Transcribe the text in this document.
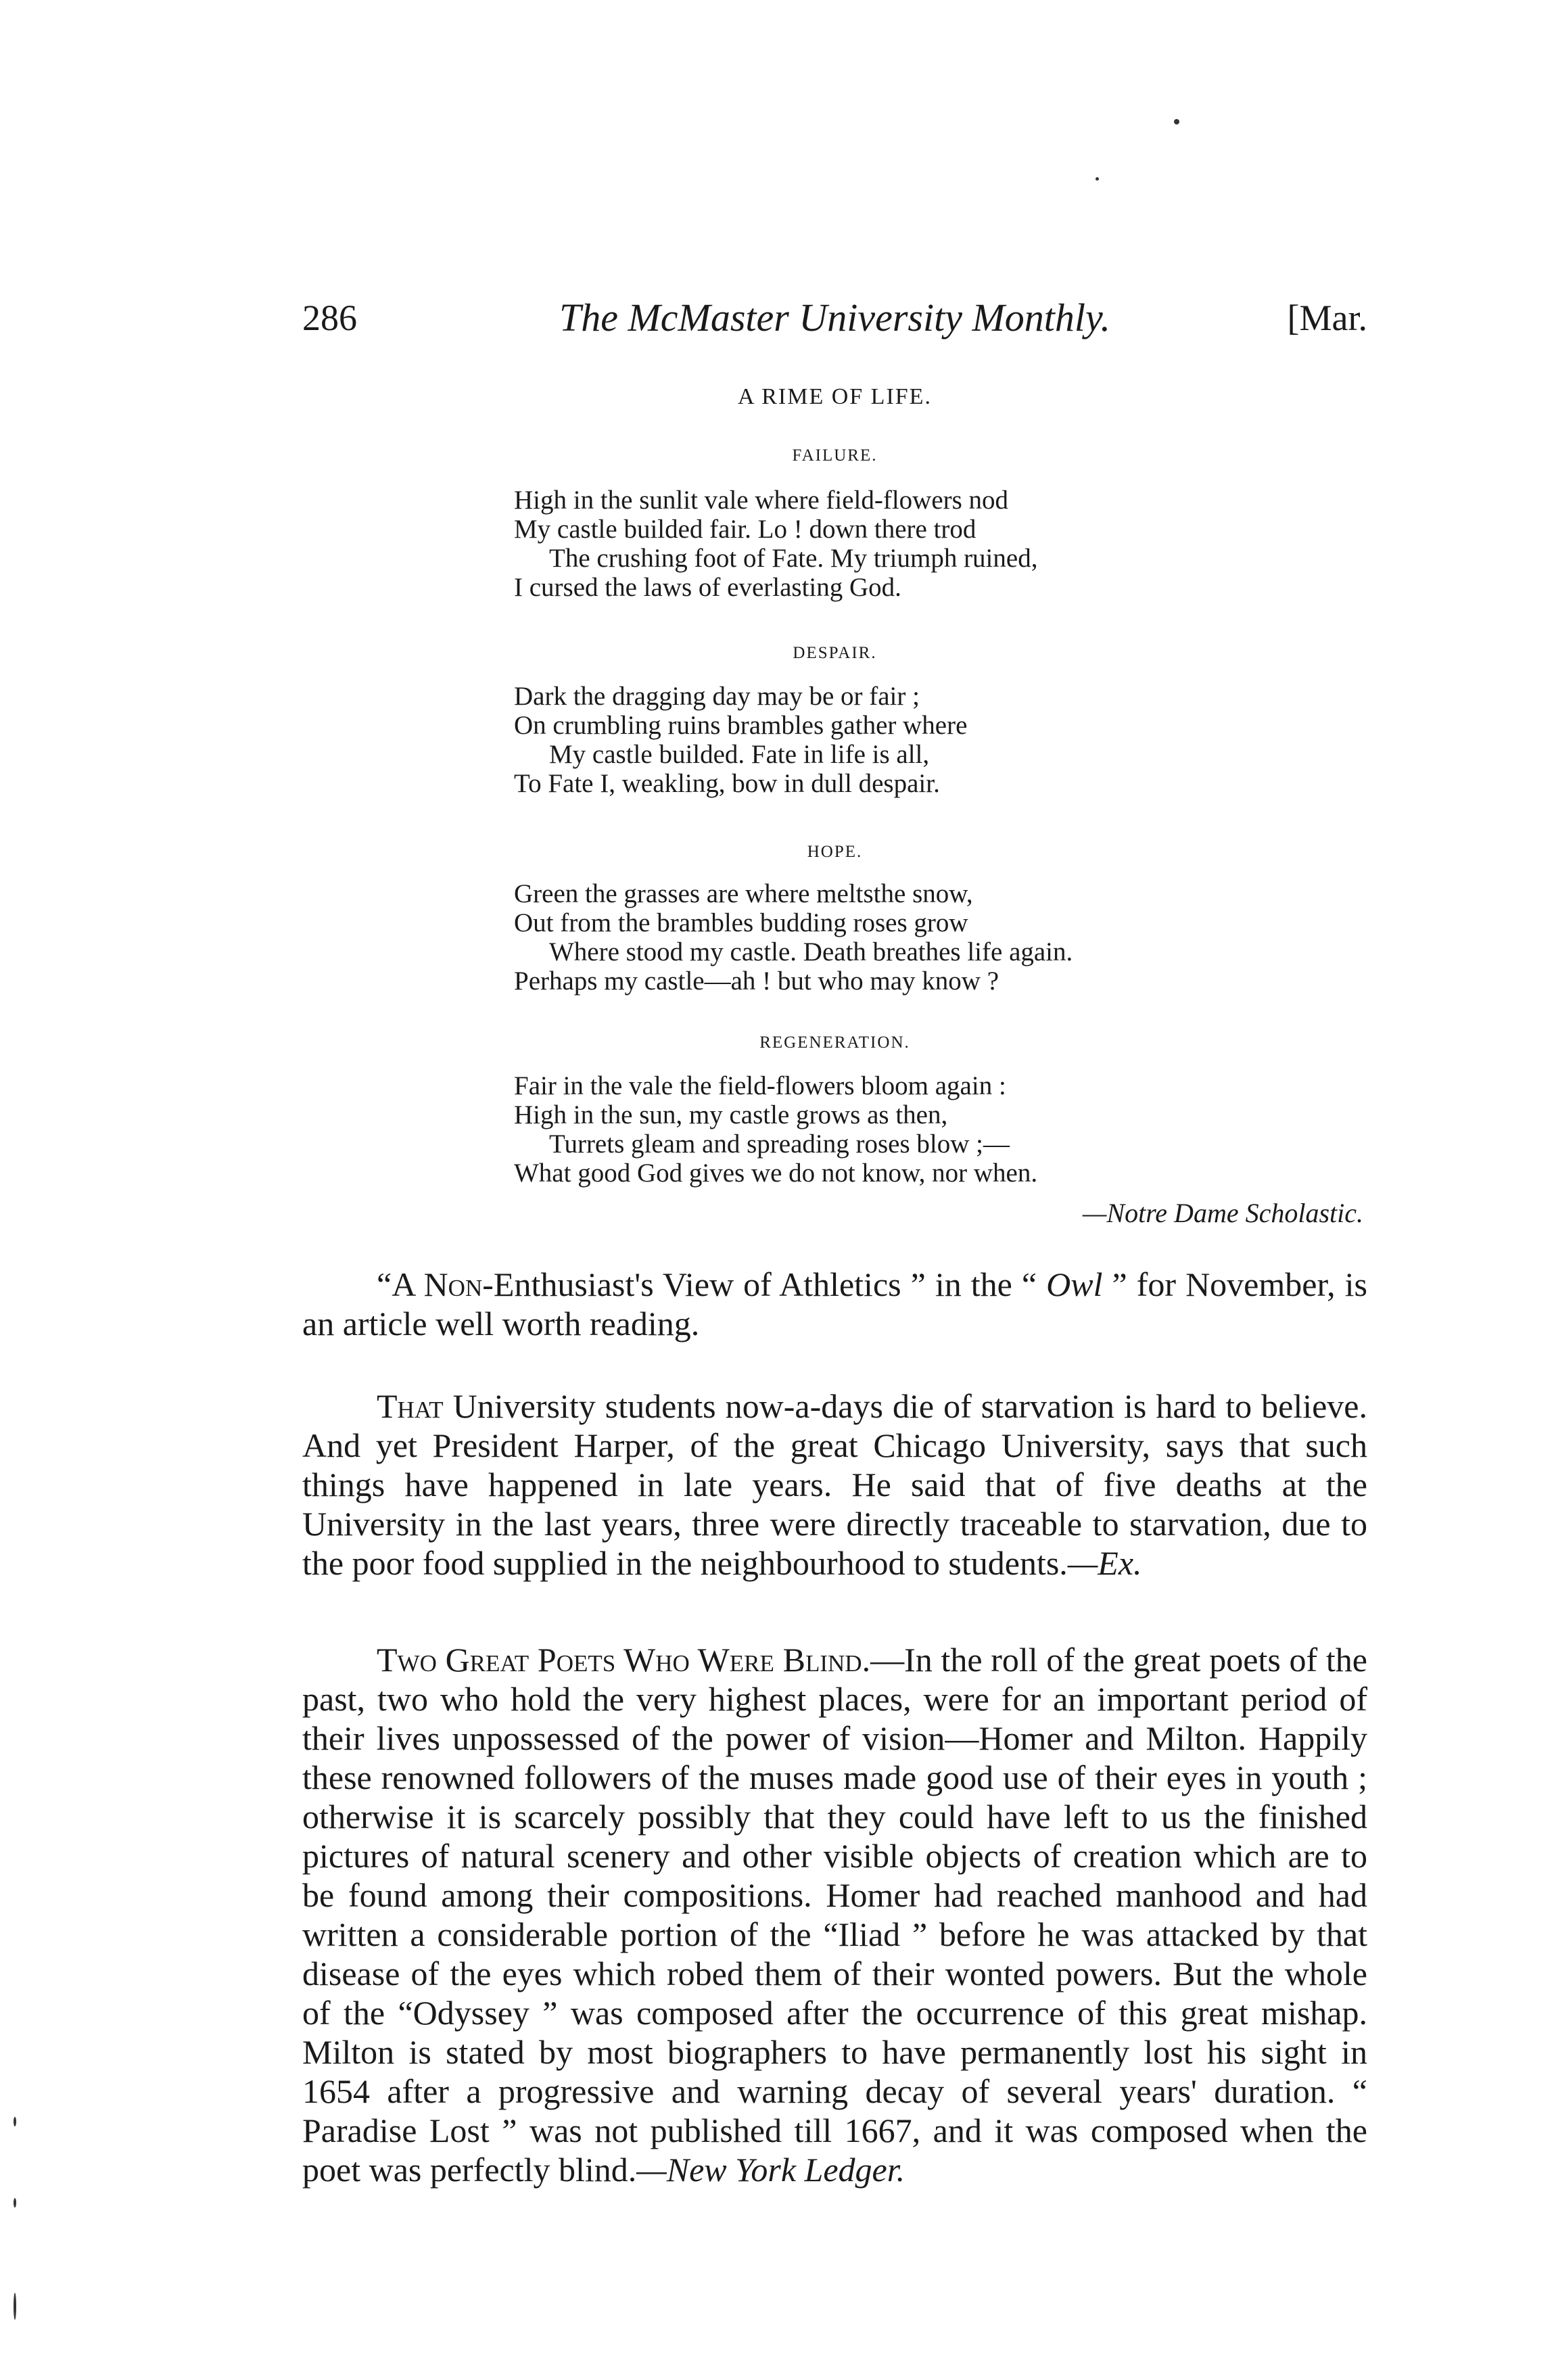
286	The McMaster University Monthly.	[Mar.
A RIME OF LIFE.
FAILURE.
High in the sunlit vale where field-flowers nod
My castle builded fair. Lo ! down there trod
The crushing foot of Fate. My triumph ruined,
I cursed the laws of everlasting God.
DESPAIR.
Dark the dragging day may be or fair ;
On crumbling ruins brambles gather where
My castle builded. Fate in life is all,
To Fate I, weakling, bow in dull despair.
HOPE.
Green the grasses are where meltsthe snow,
Out from the brambles budding roses grow
Where stood my castle. Death breathes life again.
Perhaps my castle—ah ! but who may know ?
REGENERATION.
Fair in the vale the field-flowers bloom again :
High in the sun, my castle grows as then,
Turrets gleam and spreading roses blow ;—
What good God gives we do not know, nor when.
—Notre Dame Scholastic.
“A Non-Enthusiast's View of Athletics ” in the “ Owl ” for November, is an article well worth reading.
That University students now-a-days die of starvation is hard to believe. And yet President Harper, of the great Chicago University, says that such things have happened in late years. He said that of five deaths at the University in the last years, three were directly traceable to starvation, due to the poor food supplied in the neighbourhood to students.—Ex.
Two Great Poets Who Were Blind.—In the roll of the great poets of the past, two who hold the very highest places, were for an important period of their lives unpossessed of the power of vision—Homer and Milton. Happily these renowned followers of the muses made good use of their eyes in youth ; otherwise it is scarcely possibly that they could have left to us the finished pictures of natural scenery and other visible objects of creation which are to be found among their compositions. Homer had reached manhood and had written a considerable portion of the “Iliad ” before he was attacked by that disease of the eyes which robed them of their wonted powers. But the whole of the “Odyssey ” was composed after the occurrence of this great mishap. Milton is stated by most biographers to have permanently lost his sight in 1654 after a progressive and warning decay of several years' duration. “ Paradise Lost ” was not published till 1667, and it was composed when the poet was perfectly blind.—New York Ledger.
